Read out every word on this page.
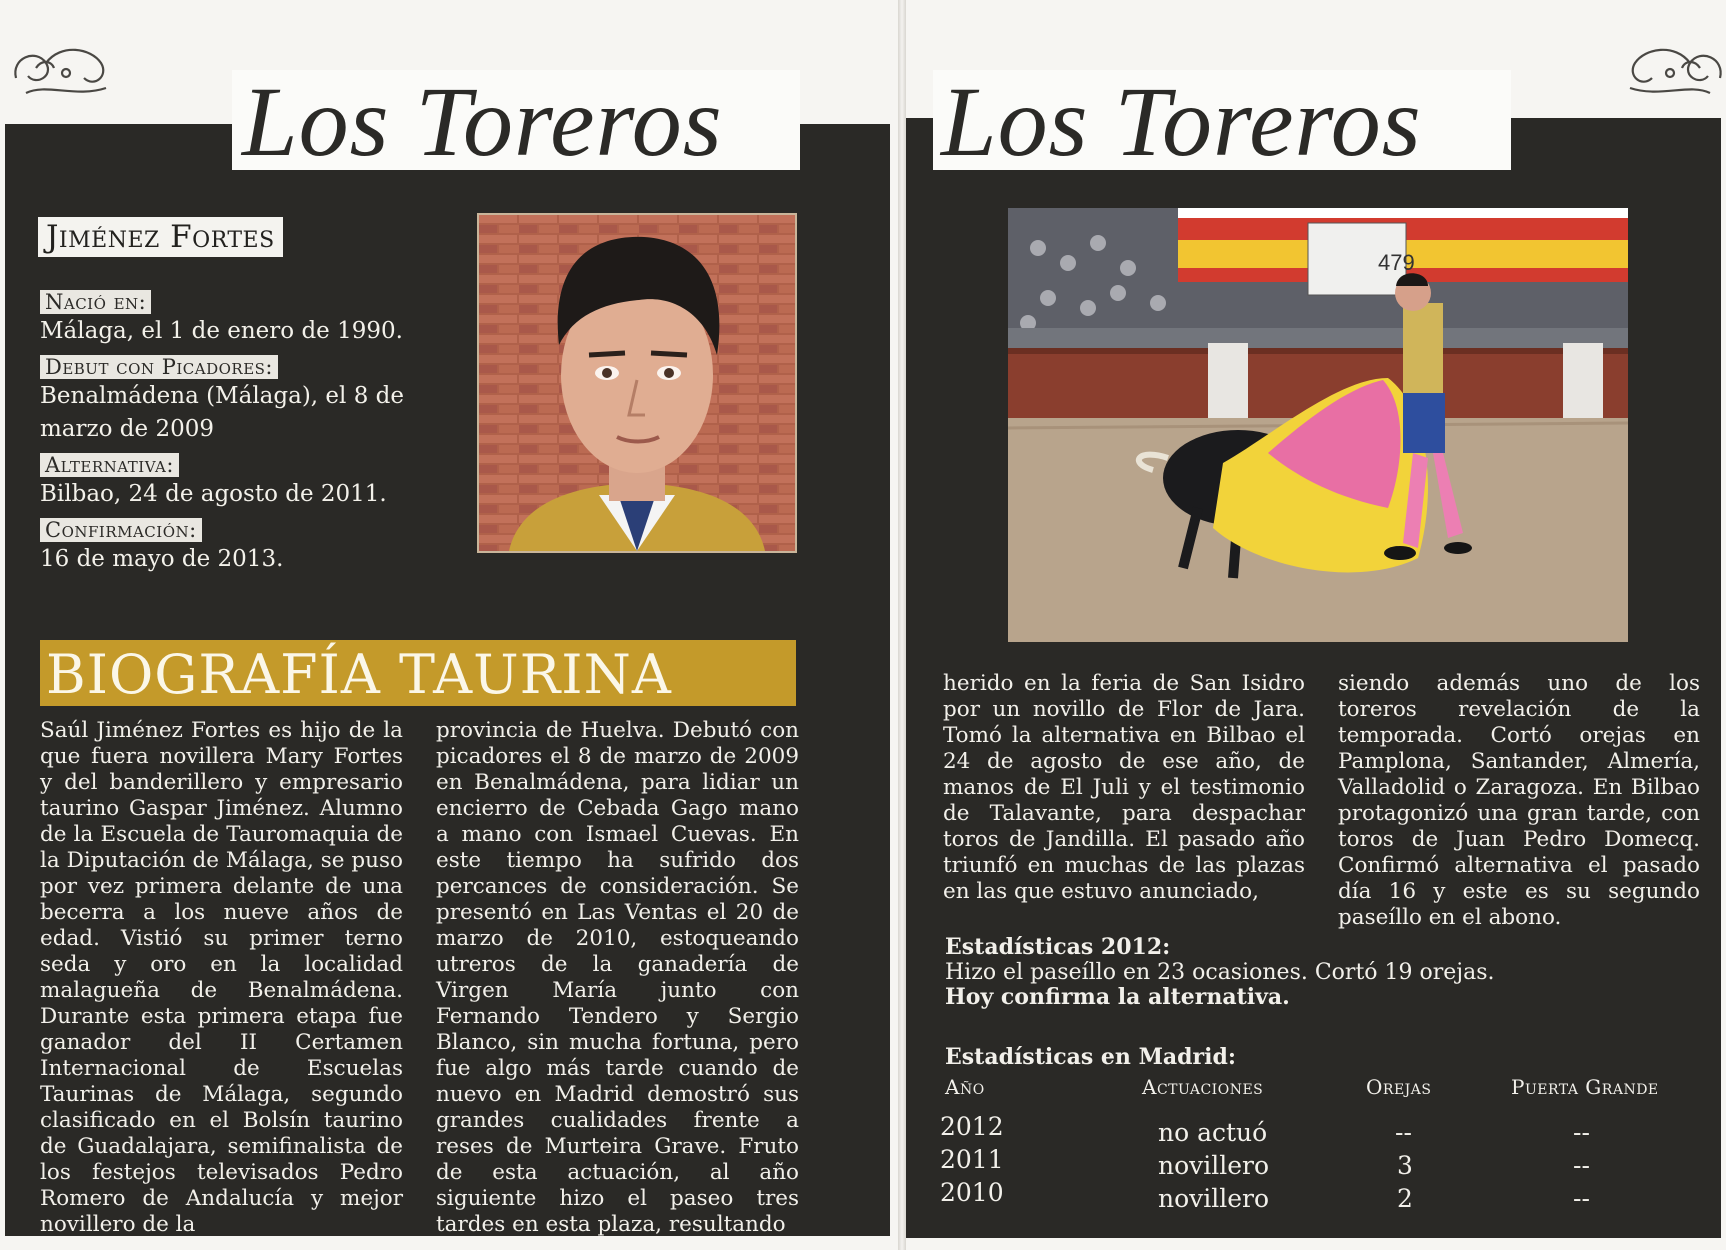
Los Toreros	Los Toreros
Jiménez Fortes
Nació en:
Málaga, el 1 de enero de 1990.
Debut con Picadores:
Benalmádena (Málaga), el 8 de marzo de 2009
Alternativa:
Bilbao, 24 de agosto de 2011.
Confirmación:
16 de mayo de 2013.
BIOGRAFÍA TAURINA
Saúl Jiménez Fortes es hijo de la que fuera novillera Mary Fortes y del banderillero y empresario taurino Gaspar Jiménez. Alumno de la Escuela de Tauromaquia de la Diputación de Málaga, se puso por vez primera delante de una becerra a los nueve años de edad. Vistió su primer terno seda y oro en la localidad malagueña de Benalmádena. Durante esta primera etapa fue ganador del II Certamen Internacional de Escuelas Taurinas de Málaga, segundo clasificado en el Bolsín taurino de Guadalajara, semifinalista de los festejos televisados Pedro Romero de Andalucía y mejor novillero de la
provincia de Huelva. Debutó con picadores el 8 de marzo de 2009 en Benalmádena, para lidiar un encierro de Cebada Gago mano a mano con Ismael Cuevas. En este tiempo ha sufrido dos percances de consideración. Se presentó en Las Ventas el 20 de marzo de 2010, estoqueando utreros de la ganadería de Virgen María junto con Fernando Tendero y Sergio Blanco, sin mucha fortuna, pero fue algo más tarde cuando de nuevo en Madrid demostró sus grandes cualidades frente a reses de Murteira Grave. Fruto de esta actuación, al año siguiente hizo el paseo tres tardes en esta plaza, resultando
479
herido en la feria de San Isidro por un novillo de Flor de Jara. Tomó la alternativa en Bilbao el 24 de agosto de ese año, de manos de El Juli y el testimonio de Talavante, para despachar toros de Jandilla. El pasado año triunfó en muchas de las plazas en las que estuvo anunciado,
siendo además uno de los toreros revelación de la temporada. Cortó orejas en Pamplona, Santander, Almería, Valladolid o Zaragoza. En Bilbao protagonizó una gran tarde, con toros de Juan Pedro Domecq. Confirmó alternativa el pasado día 16 y este es su segundo paseíllo en el abono.
Estadísticas 2012:
Hizo el paseíllo en 23 ocasiones. Cortó 19 orejas.
Hoy confirma la alternativa.
Estadísticas en Madrid:
Año	Actuaciones	Orejas	Puerta Grande
2012	no actuó	--	--
2011	novillero	3	--
2010	novillero	2	--
